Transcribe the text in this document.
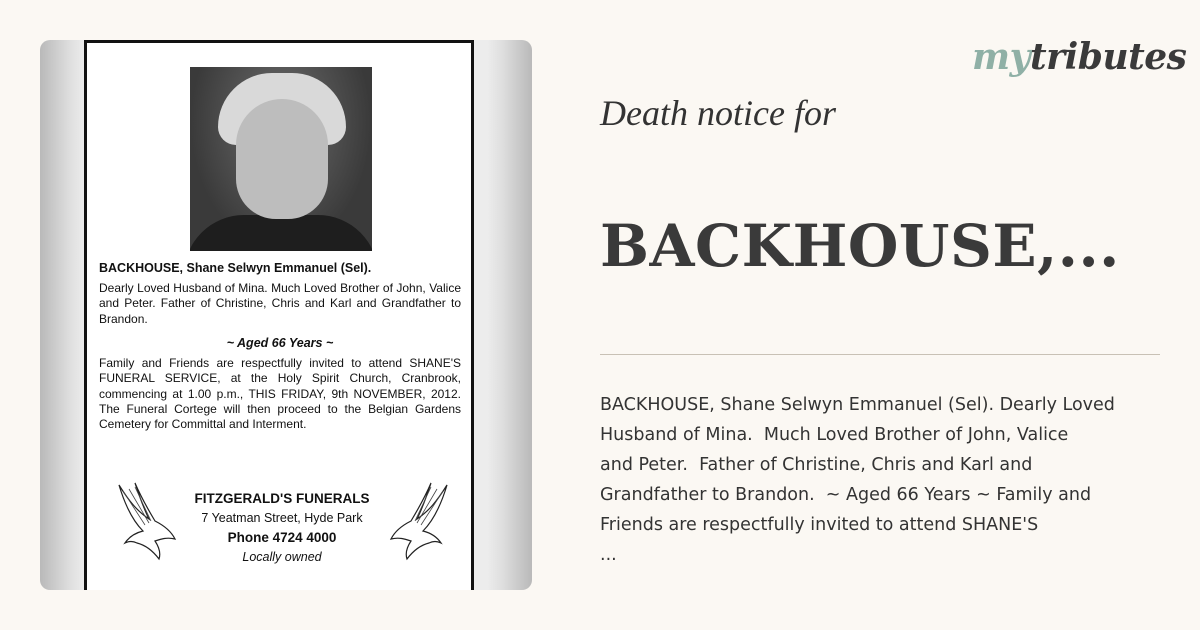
BACKHOUSE, Shane Selwyn Emmanuel (Sel).
Dearly Loved Husband of Mina. Much Loved Brother of John, Valice and Peter. Father of Christine, Chris and Karl and Grandfather to Brandon.
~ Aged 66 Years ~
Family and Friends are respectfully invited to attend SHANE'S FUNERAL SERVICE, at the Holy Spirit Church, Cranbrook, commencing at 1.00 p.m., THIS FRIDAY, 9th NOVEMBER, 2012. The Funeral Cortege will then proceed to the Belgian Gardens Cemetery for Committal and Interment.
FITZGERALD'S FUNERALS
7 Yeatman Street, Hyde Park
Phone 4724 4000
Locally owned
mytributes
Death notice for
BACKHOUSE,...
BACKHOUSE, Shane Selwyn Emmanuel (Sel). Dearly Loved
Husband of Mina.  Much Loved Brother of John, Valice
and Peter.  Father of Christine, Chris and Karl and
Grandfather to Brandon.  ~ Aged 66 Years ~ Family and
Friends are respectfully invited to attend SHANE'S
...
